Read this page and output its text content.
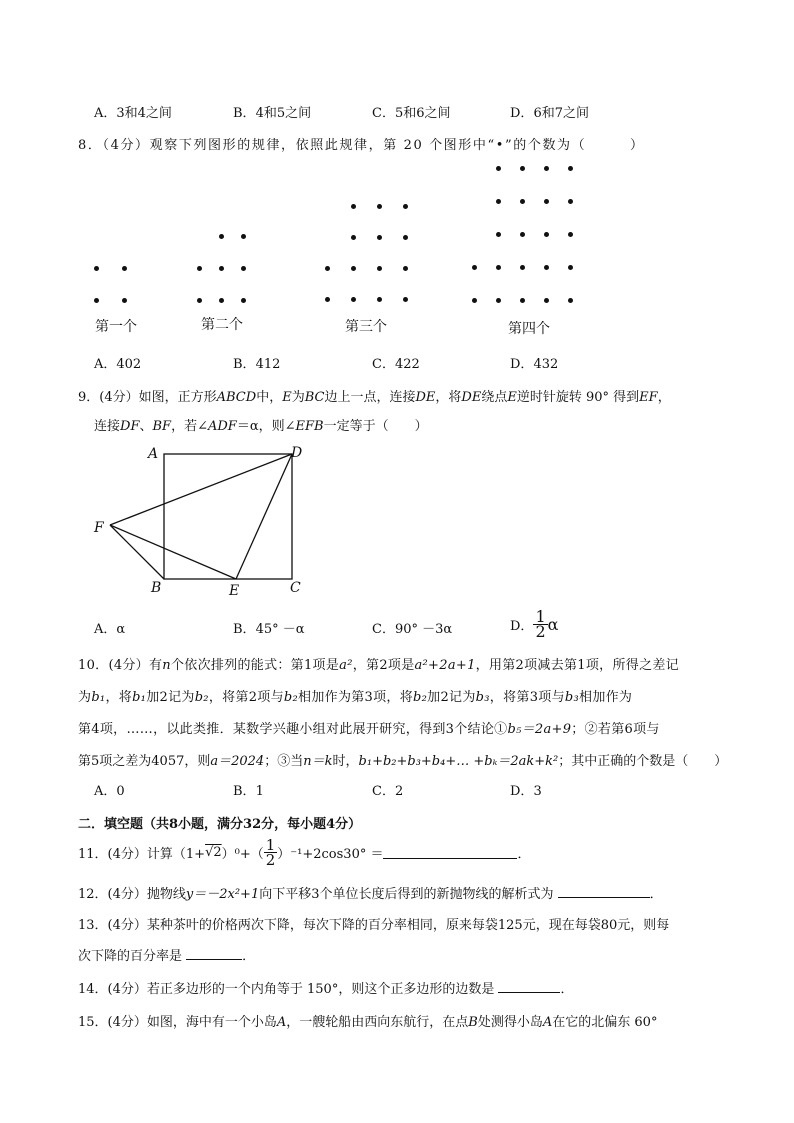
A．3和4之间	B．4和5之间	C．5和6之间	D．6和7之间
8．（4分）观察下列图形的规律，依照此规律，第 20 个图形中“•”的个数为（　　　）
第一个	第二个	第三个	第四个
A．402	B．412	C．422	D．432
9．(4分）如图，正方形ABCD中，E为BC边上一点，连接DE，将DE绕点E逆时针旋转 90° 得到EF，
连接DF、BF，若∠ADF＝α，则∠EFB一定等于（　　）
A	D
F
B	E	C
A．α	B．45° －α	C．90° －3α	D． $\frac{1}{2}$ α
10．(4分）有n个依次排列的能式：第1项是a²，第2项是a²+2a+1，用第2项减去第1项，所得之差记
为b₁，将b₁加2记为b₂，将第2项与b₂相加作为第3项，将b₂加2记为b₃，将第3项与b₃相加作为
第4项，……，以此类推．某数学兴趣小组对此展开研究，得到3个结论①b₅＝2a+9；②若第6项与
第5项之差为4057，则a＝2024；③当n＝k时，b₁+b₂+b₃+b₄+… +bₖ＝2ak+k²；其中正确的个数是（　　）
A．0	B．1	C．2	D．3
二．填空题（共8小题，满分32分，每小题4分）
11．(4分）计算$(1+√2)^0+( \frac{1}{2} )^{-1}+2\cos 30^\circ$ ＝	．
12．(4分）抛物线y＝－2x²+1向下平移3个单位长度后得到的新抛物线的解析式为	．
13．(4分）某种茶叶的价格两次下降，每次下降的百分率相同，原来每袋125元，现在每袋80元，则每
次下降的百分率是	．
14．(4分）若正多边形的一个内角等于 150°，则这个正多边形的边数是	．
15．(4分）如图，海中有一个小岛A，一艘轮船由西向东航行，在点B处测得小岛A在它的北偏东 60°
